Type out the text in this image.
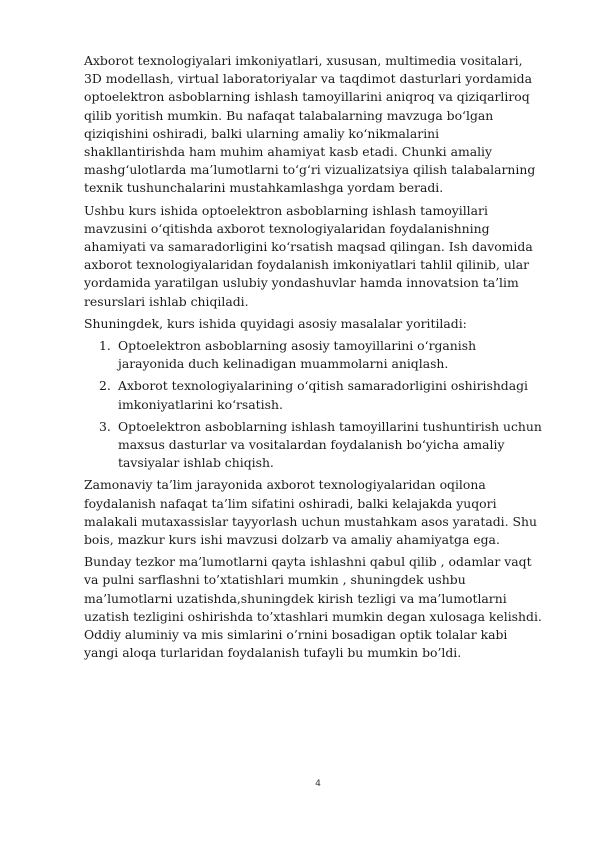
Axborot texnologiyalari imkoniyatlari, xususan, multimedia vositalari,
3D modellash, virtual laboratoriyalar va taqdimot dasturlari yordamida
optoelektron asboblarning ishlash tamoyillarini aniqroq va qiziqarliroq
qilib yoritish mumkin. Bu nafaqat talabalarning mavzuga bo‘lgan
qiziqishini oshiradi, balki ularning amaliy ko‘nikmalarini
shakllantirishda ham muhim ahamiyat kasb etadi. Chunki amaliy
mashg‘ulotlarda ma’lumotlarni to‘g‘ri vizualizatsiya qilish talabalarning
texnik tushunchalarini mustahkamlashga yordam beradi.

Ushbu kurs ishida optoelektron asboblarning ishlash tamoyillari
mavzusini o‘qitishda axborot texnologiyalaridan foydalanishning
ahamiyati va samaradorligini ko‘rsatish maqsad qilingan. Ish davomida
axborot texnologiyalaridan foydalanish imkoniyatlari tahlil qilinib, ular
yordamida yaratilgan uslubiy yondashuvlar hamda innovatsion ta’lim
resurslari ishlab chiqiladi.

Shuningdek, kurs ishida quyidagi asosiy masalalar yoritiladi:

1. Optoelektron asboblarning asosiy tamoyillarini o‘rganish
jarayonida duch kelinadigan muammolarni aniqlash.
2. Axborot texnologiyalarining o‘qitish samaradorligini oshirishdagi
imkoniyatlarini ko‘rsatish.
3. Optoelektron asboblarning ishlash tamoyillarini tushuntirish uchun
maxsus dasturlar va vositalardan foydalanish bo‘yicha amaliy
tavsiyalar ishlab chiqish.

Zamonaviy ta’lim jarayonida axborot texnologiyalaridan oqilona
foydalanish nafaqat ta’lim sifatini oshiradi, balki kelajakda yuqori
malakali mutaxassislar tayyorlash uchun mustahkam asos yaratadi. Shu
bois, mazkur kurs ishi mavzusi dolzarb va amaliy ahamiyatga ega.

Bunday tezkor ma’lumotlarni qayta ishlashni qabul qilib , odamlar vaqt
va pulni sarflashni to’xtatishlari mumkin , shuningdek ushbu
ma’lumotlarni uzatishda,shuningdek kirish tezligi va ma’lumotlarni
uzatish tezligini oshirishda to’xtashlari mumkin degan xulosaga kelishdi.
Oddiy aluminiy va mis simlarini o’rnini bosadigan optik tolalar kabi
yangi aloqa turlaridan foydalanish tufayli bu mumkin bo’ldi.

4
